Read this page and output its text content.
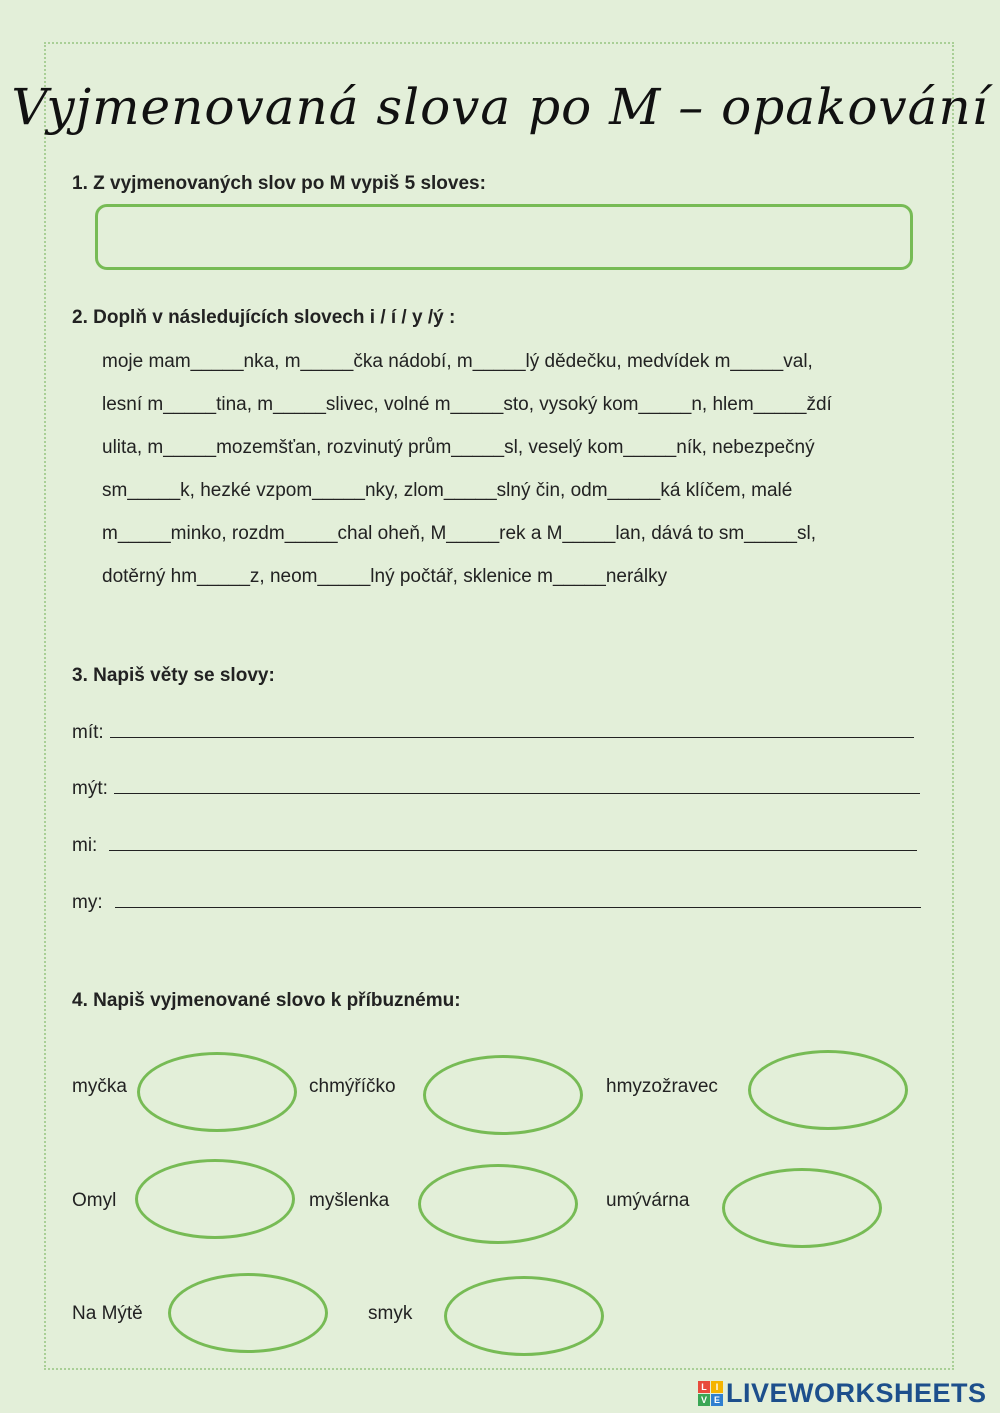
Vyjmenovaná slova po M – opakování
1. Z vyjmenovaných slov po M vypiš 5 sloves:
2. Doplň v následujících slovech i / í / y /ý :
moje mam_____nka, m_____čka nádobí, m_____lý dědečku, medvídek m_____val,
lesní m_____tina, m_____slivec, volné m_____sto, vysoký kom_____n, hlem_____ždí
ulita, m_____mozemšťan, rozvinutý prům_____sl, veselý kom_____ník, nebezpečný
sm_____k, hezké vzpom_____nky, zlom_____slný čin, odm_____ká klíčem, malé
m_____minko, rozdm_____chal oheň, M_____rek a M_____lan, dává to sm_____sl,
dotěrný hm_____z, neom_____lný počtář, sklenice m_____nerálky
3. Napiš věty se slovy:
mít:
mýt:
mi:
my:
4. Napiš vyjmenované slovo k příbuznému:
myčka	chmýříčko	hmyzožravec
Omyl	myšlenka	umývárna
Na Mýtě	smyk
L I
V E LIVEWORKSHEETS
